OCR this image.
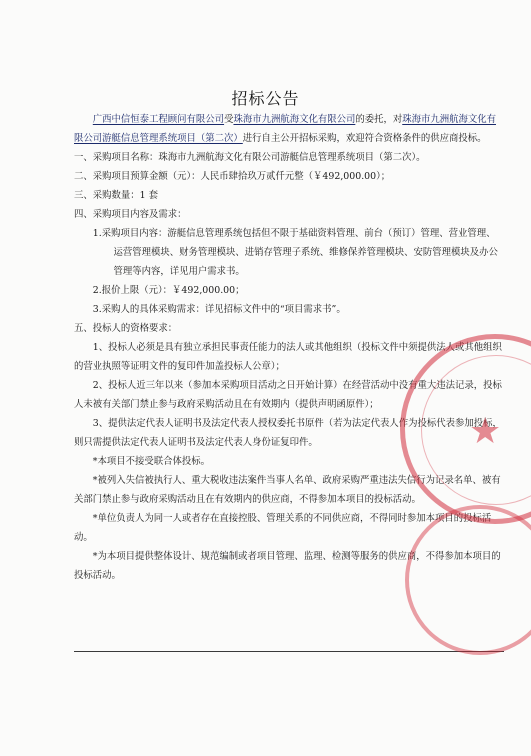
招标公告

广西中信恒泰工程顾问有限公司受珠海市九洲航海文化有限公司的委托，对珠海市九洲航海文化有限公司游艇信息管理系统项目（第二次）进行自主公开招标采购，欢迎符合资格条件的供应商投标。

一、采购项目名称：珠海市九洲航海文化有限公司游艇信息管理系统项目（第二次）。

二、采购项目预算金额（元）：人民币肆拾玖万贰仟元整（￥492,000.00）；

三、采购数量：1 套

四、采购项目内容及需求：

1.采购项目内容：游艇信息管理系统包括但不限于基础资料管理、前台（预订）管理、营业管理、运营管理模块、财务管理模块、进销存管理子系统、维修保养管理模块、安防管理模块及办公管理等内容，详见用户需求书。

2.报价上限（元）：￥492,000.00；

3.采购人的具体采购需求：详见招标文件中的“项目需求书”。

五、投标人的资格要求：

1、投标人必须是具有独立承担民事责任能力的法人或其他组织（投标文件中须提供法人或其他组织的营业执照等证明文件的复印件加盖投标人公章）；

2、投标人近三年以来（参加本采购项目活动之日开始计算）在经营活动中没有重大违法记录，投标人未被有关部门禁止参与政府采购活动且在有效期内（提供声明函原件）；

3、提供法定代表人证明书及法定代表人授权委托书原件（若为法定代表人作为投标代表参加投标，则只需提供法定代表人证明书及法定代表人身份证复印件。

*本项目不接受联合体投标。

*被列入失信被执行人、重大税收违法案件当事人名单、政府采购严重违法失信行为记录名单、被有关部门禁止参与政府采购活动且在有效期内的供应商，不得参加本项目的投标活动。

*单位负责人为同一人或者存在直接控股、管理关系的不同供应商，不得同时参加本项目的投标活动。

*为本项目提供整体设计、规范编制或者项目管理、监理、检测等服务的供应商，不得参加本项目的投标活动。

★
